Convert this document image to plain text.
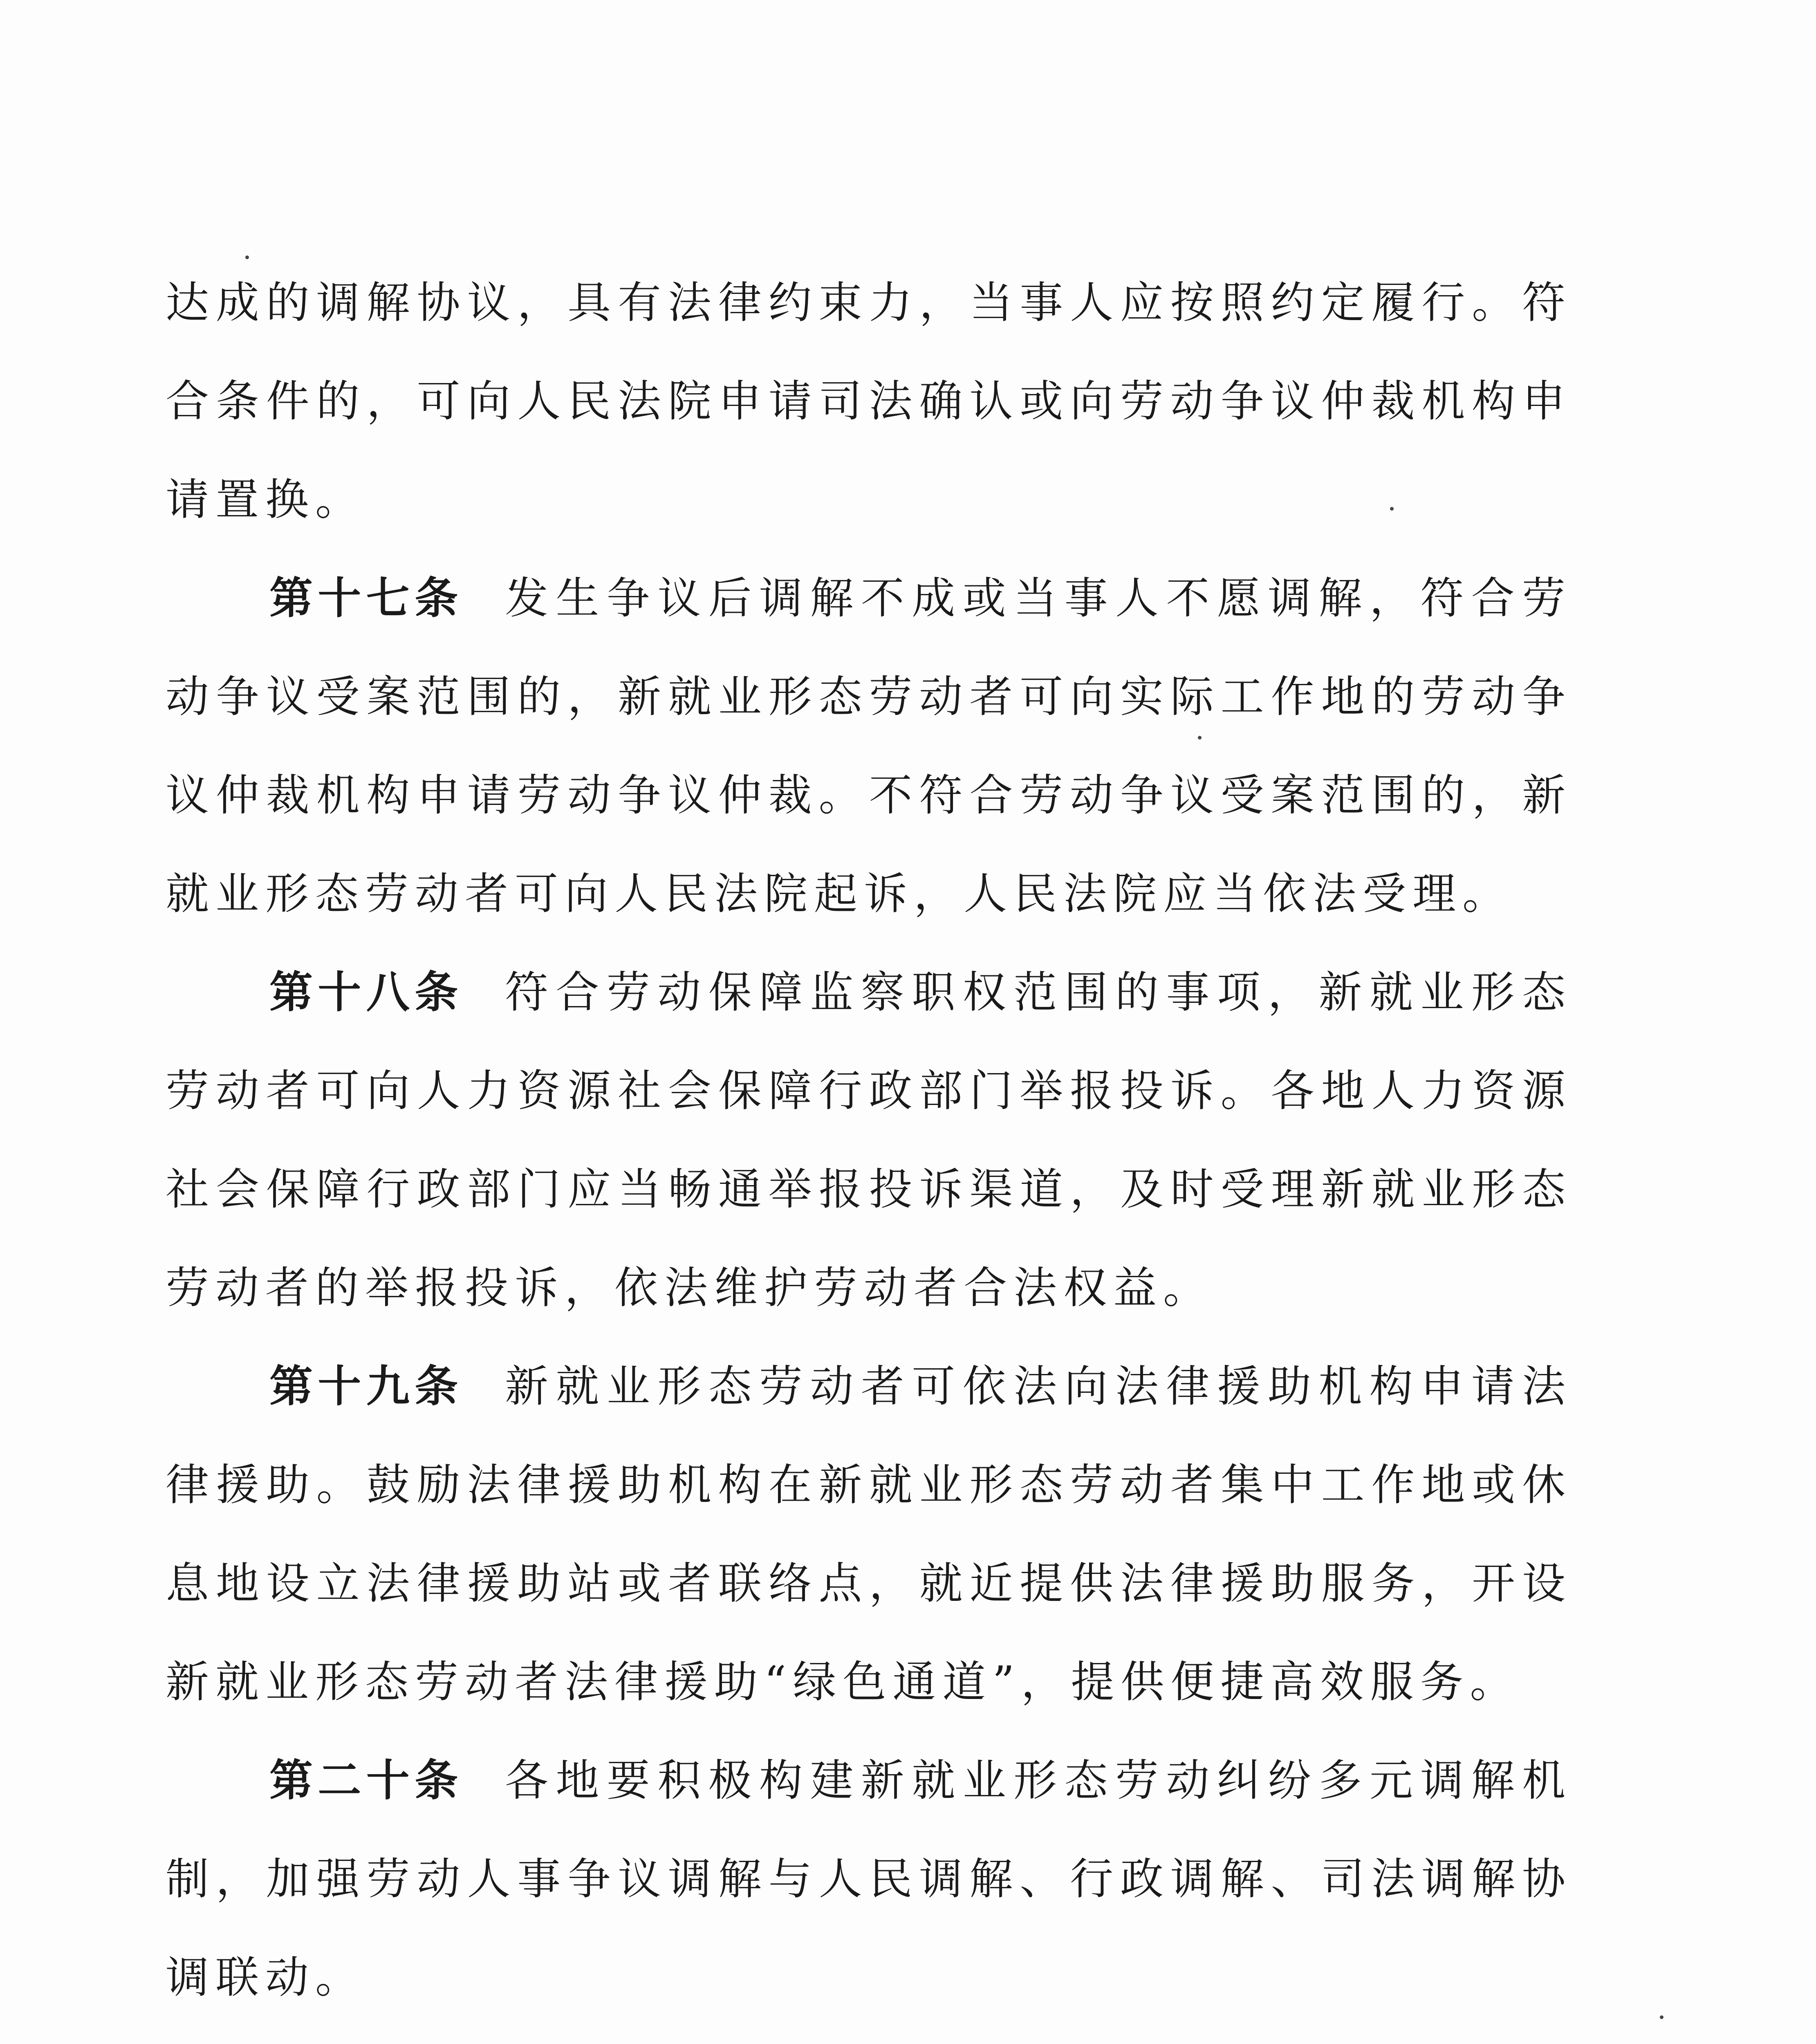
达成的调解协议，具有法律约束力，当事人应按照约定履行。符合条件的，可向人民法院申请司法确认或向劳动争议仲裁机构申请置换。

第十七条 发生争议后调解不成或当事人不愿调解，符合劳动争议受案范围的，新就业形态劳动者可向实际工作地的劳动争议仲裁机构申请劳动争议仲裁。不符合劳动争议受案范围的，新就业形态劳动者可向人民法院起诉，人民法院应当依法受理。

第十八条 符合劳动保障监察职权范围的事项，新就业形态劳动者可向人力资源社会保障行政部门举报投诉。各地人力资源社会保障行政部门应当畅通举报投诉渠道，及时受理新就业形态劳动者的举报投诉，依法维护劳动者合法权益。

第十九条 新就业形态劳动者可依法向法律援助机构申请法律援助。鼓励法律援助机构在新就业形态劳动者集中工作地或休息地设立法律援助站或者联络点，就近提供法律援助服务，开设新就业形态劳动者法律援助“绿色通道”，提供便捷高效服务。

第二十条 各地要积极构建新就业形态劳动纠纷多元调解机制，加强劳动人事争议调解与人民调解、行政调解、司法调解协调联动。
